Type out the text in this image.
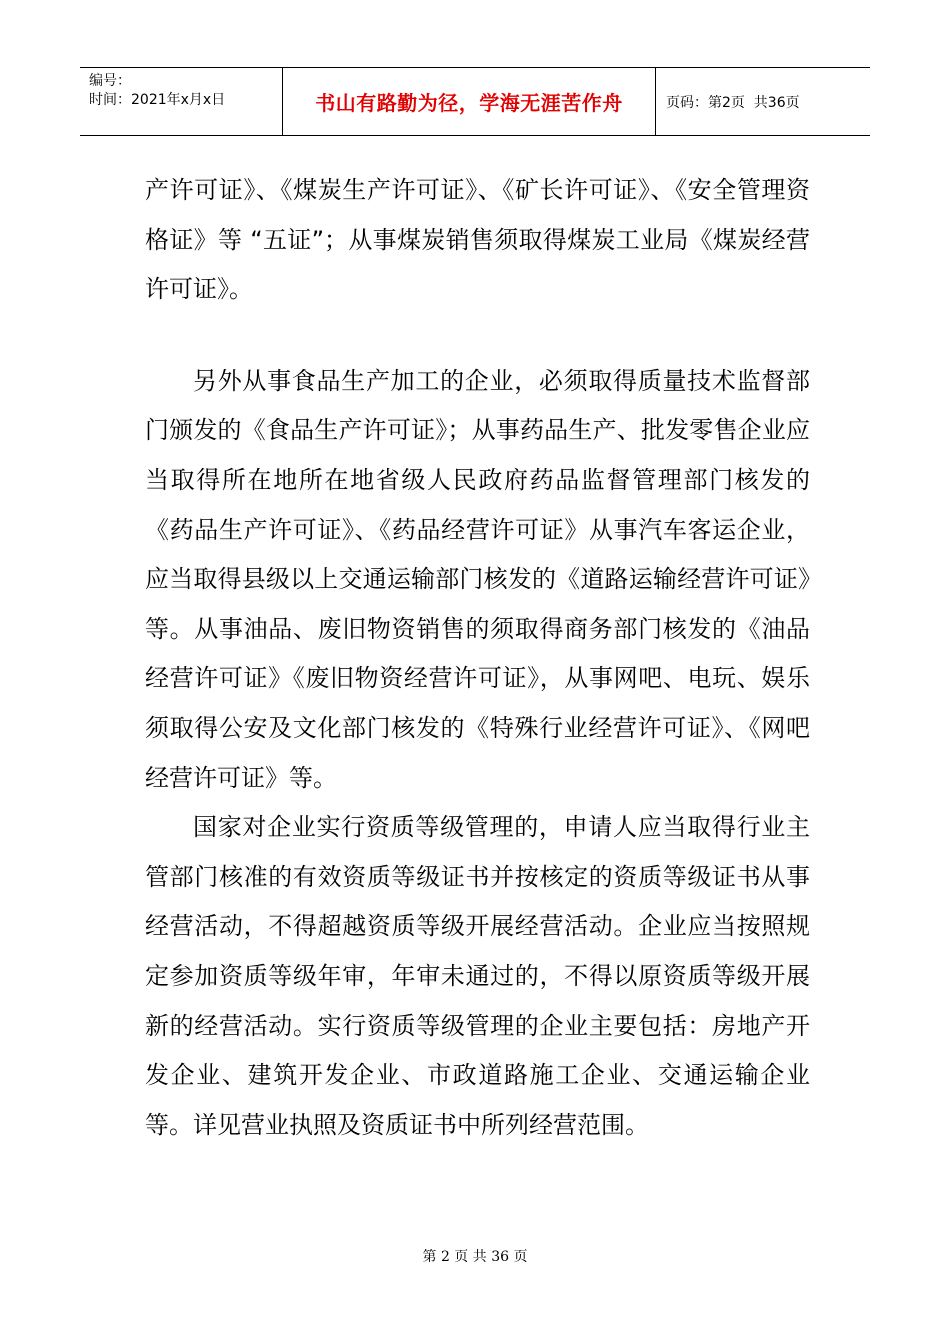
编号：
时间：2021年x月x日	书山有路勤为径，学海无涯苦作舟	页码：第2页  共36页

产许可证》、《煤炭生产许可证》、《矿长许可证》、《安全管理资格证》等 “五证”；从事煤炭销售须取得煤炭工业局《煤炭经营许可证》。

另外从事食品生产加工的企业，必须取得质量技术监督部门颁发的《食品生产许可证》；从事药品生产、批发零售企业应当取得所在地所在地省级人民政府药品监督管理部门核发的《药品生产许可证》、《药品经营许可证》从事汽车客运企业，应当取得县级以上交通运输部门核发的《道路运输经营许可证》等。从事油品、废旧物资销售的须取得商务部门核发的《油品经营许可证》《废旧物资经营许可证》，从事网吧、电玩、娱乐须取得公安及文化部门核发的《特殊行业经营许可证》、《网吧经营许可证》等。

国家对企业实行资质等级管理的，申请人应当取得行业主管部门核准的有效资质等级证书并按核定的资质等级证书从事经营活动，不得超越资质等级开展经营活动。企业应当按照规定参加资质等级年审，年审未通过的，不得以原资质等级开展新的经营活动。实行资质等级管理的企业主要包括：房地产开发企业、建筑开发企业、市政道路施工企业、交通运输企业等。详见营业执照及资质证书中所列经营范围。

第 2 页 共 36 页
